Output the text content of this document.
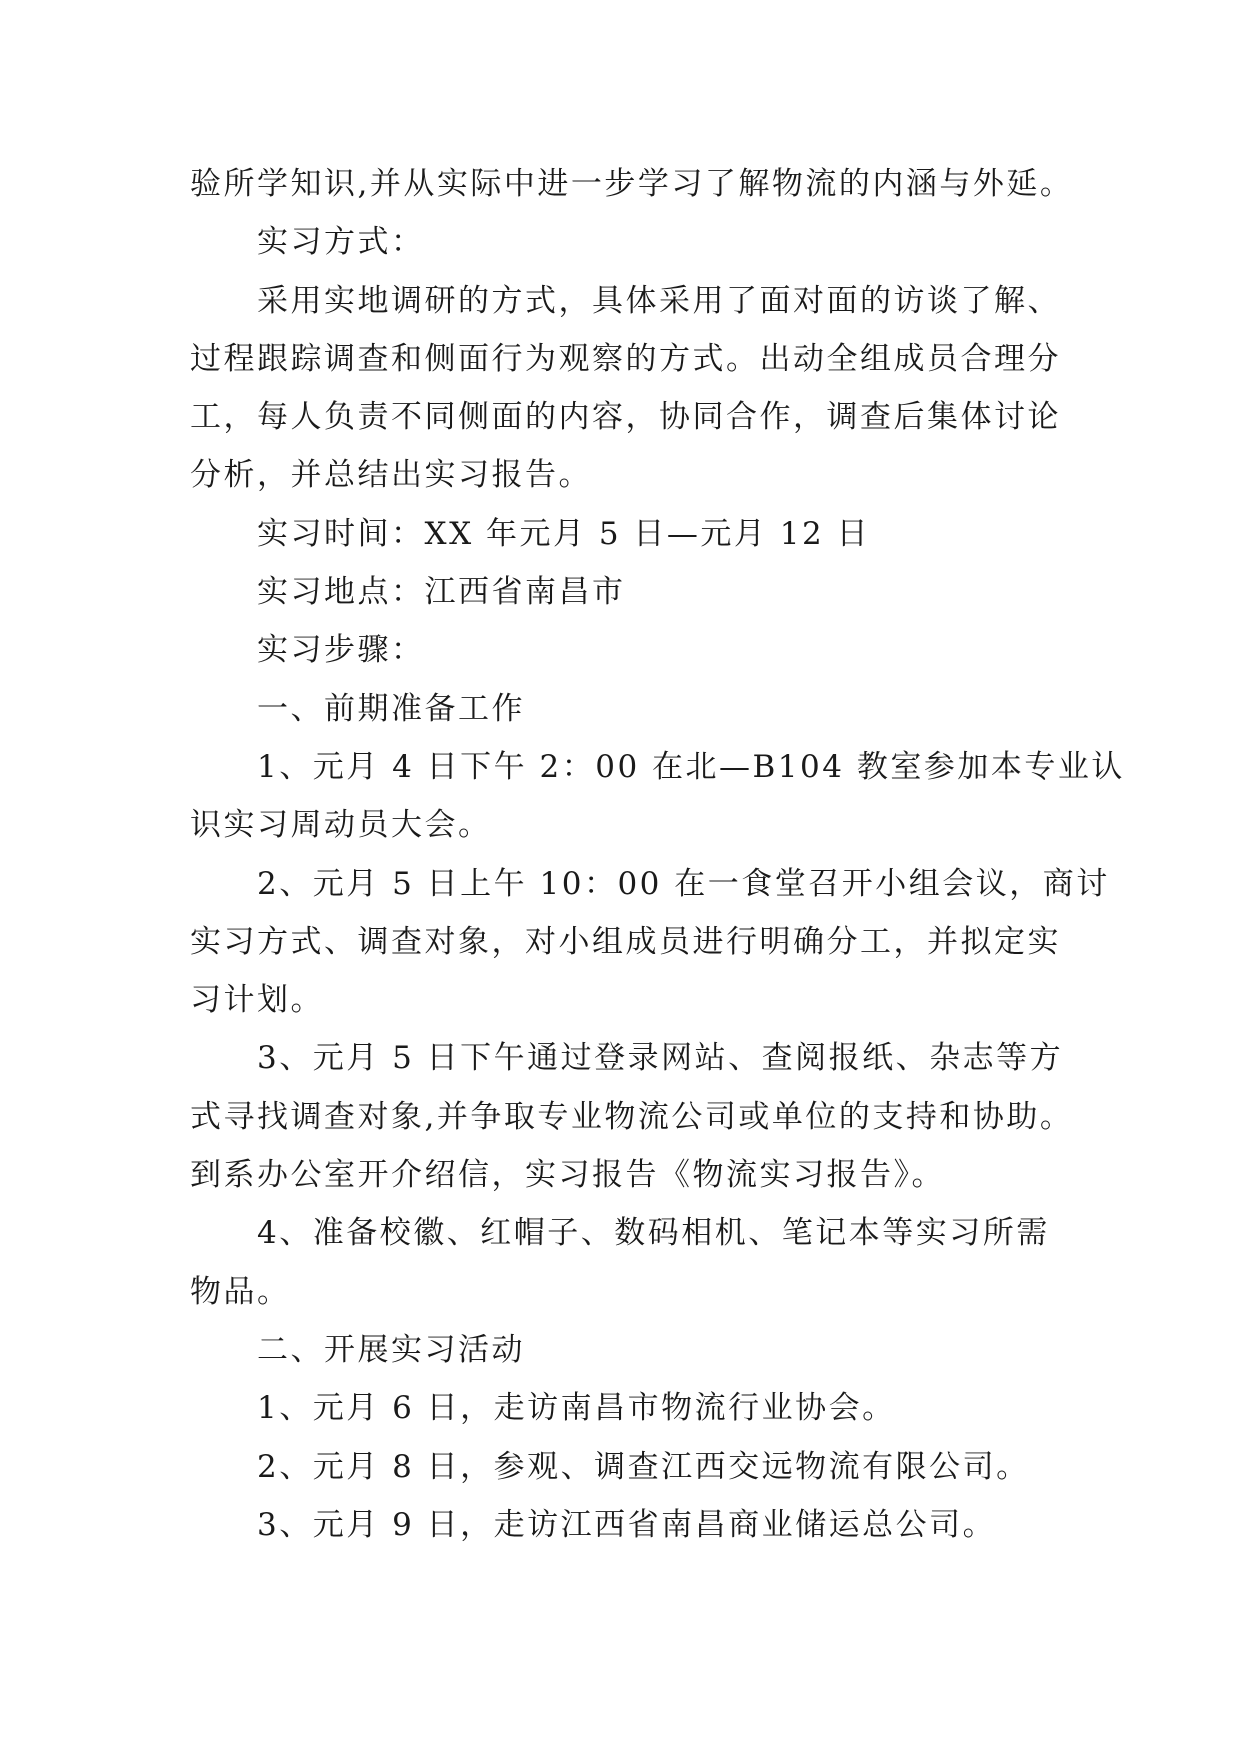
验所学知识,并从实际中进一步学习了解物流的内涵与外延。
实习方式：
采用实地调研的方式，具体采用了面对面的访谈了解、
过程跟踪调查和侧面行为观察的方式。出动全组成员合理分
工，每人负责不同侧面的内容，协同合作，调查后集体讨论
分析，并总结出实习报告。
实习时间：XX 年元月 5 日—元月 12 日
实习地点：江西省南昌市
实习步骤：
一、前期准备工作
1、元月 4 日下午 2：00 在北—B104 教室参加本专业认
识实习周动员大会。
2、元月 5 日上午 10：00 在一食堂召开小组会议，商讨
实习方式、调查对象，对小组成员进行明确分工，并拟定实
习计划。
3、元月 5 日下午通过登录网站、查阅报纸、杂志等方
式寻找调查对象,并争取专业物流公司或单位的支持和协助。
到系办公室开介绍信，实习报告《物流实习报告》。
4、准备校徽、红帽子、数码相机、笔记本等实习所需
物品。
二、开展实习活动
1、元月 6 日，走访南昌市物流行业协会。
2、元月 8 日，参观、调查江西交远物流有限公司。
3、元月 9 日，走访江西省南昌商业储运总公司。
